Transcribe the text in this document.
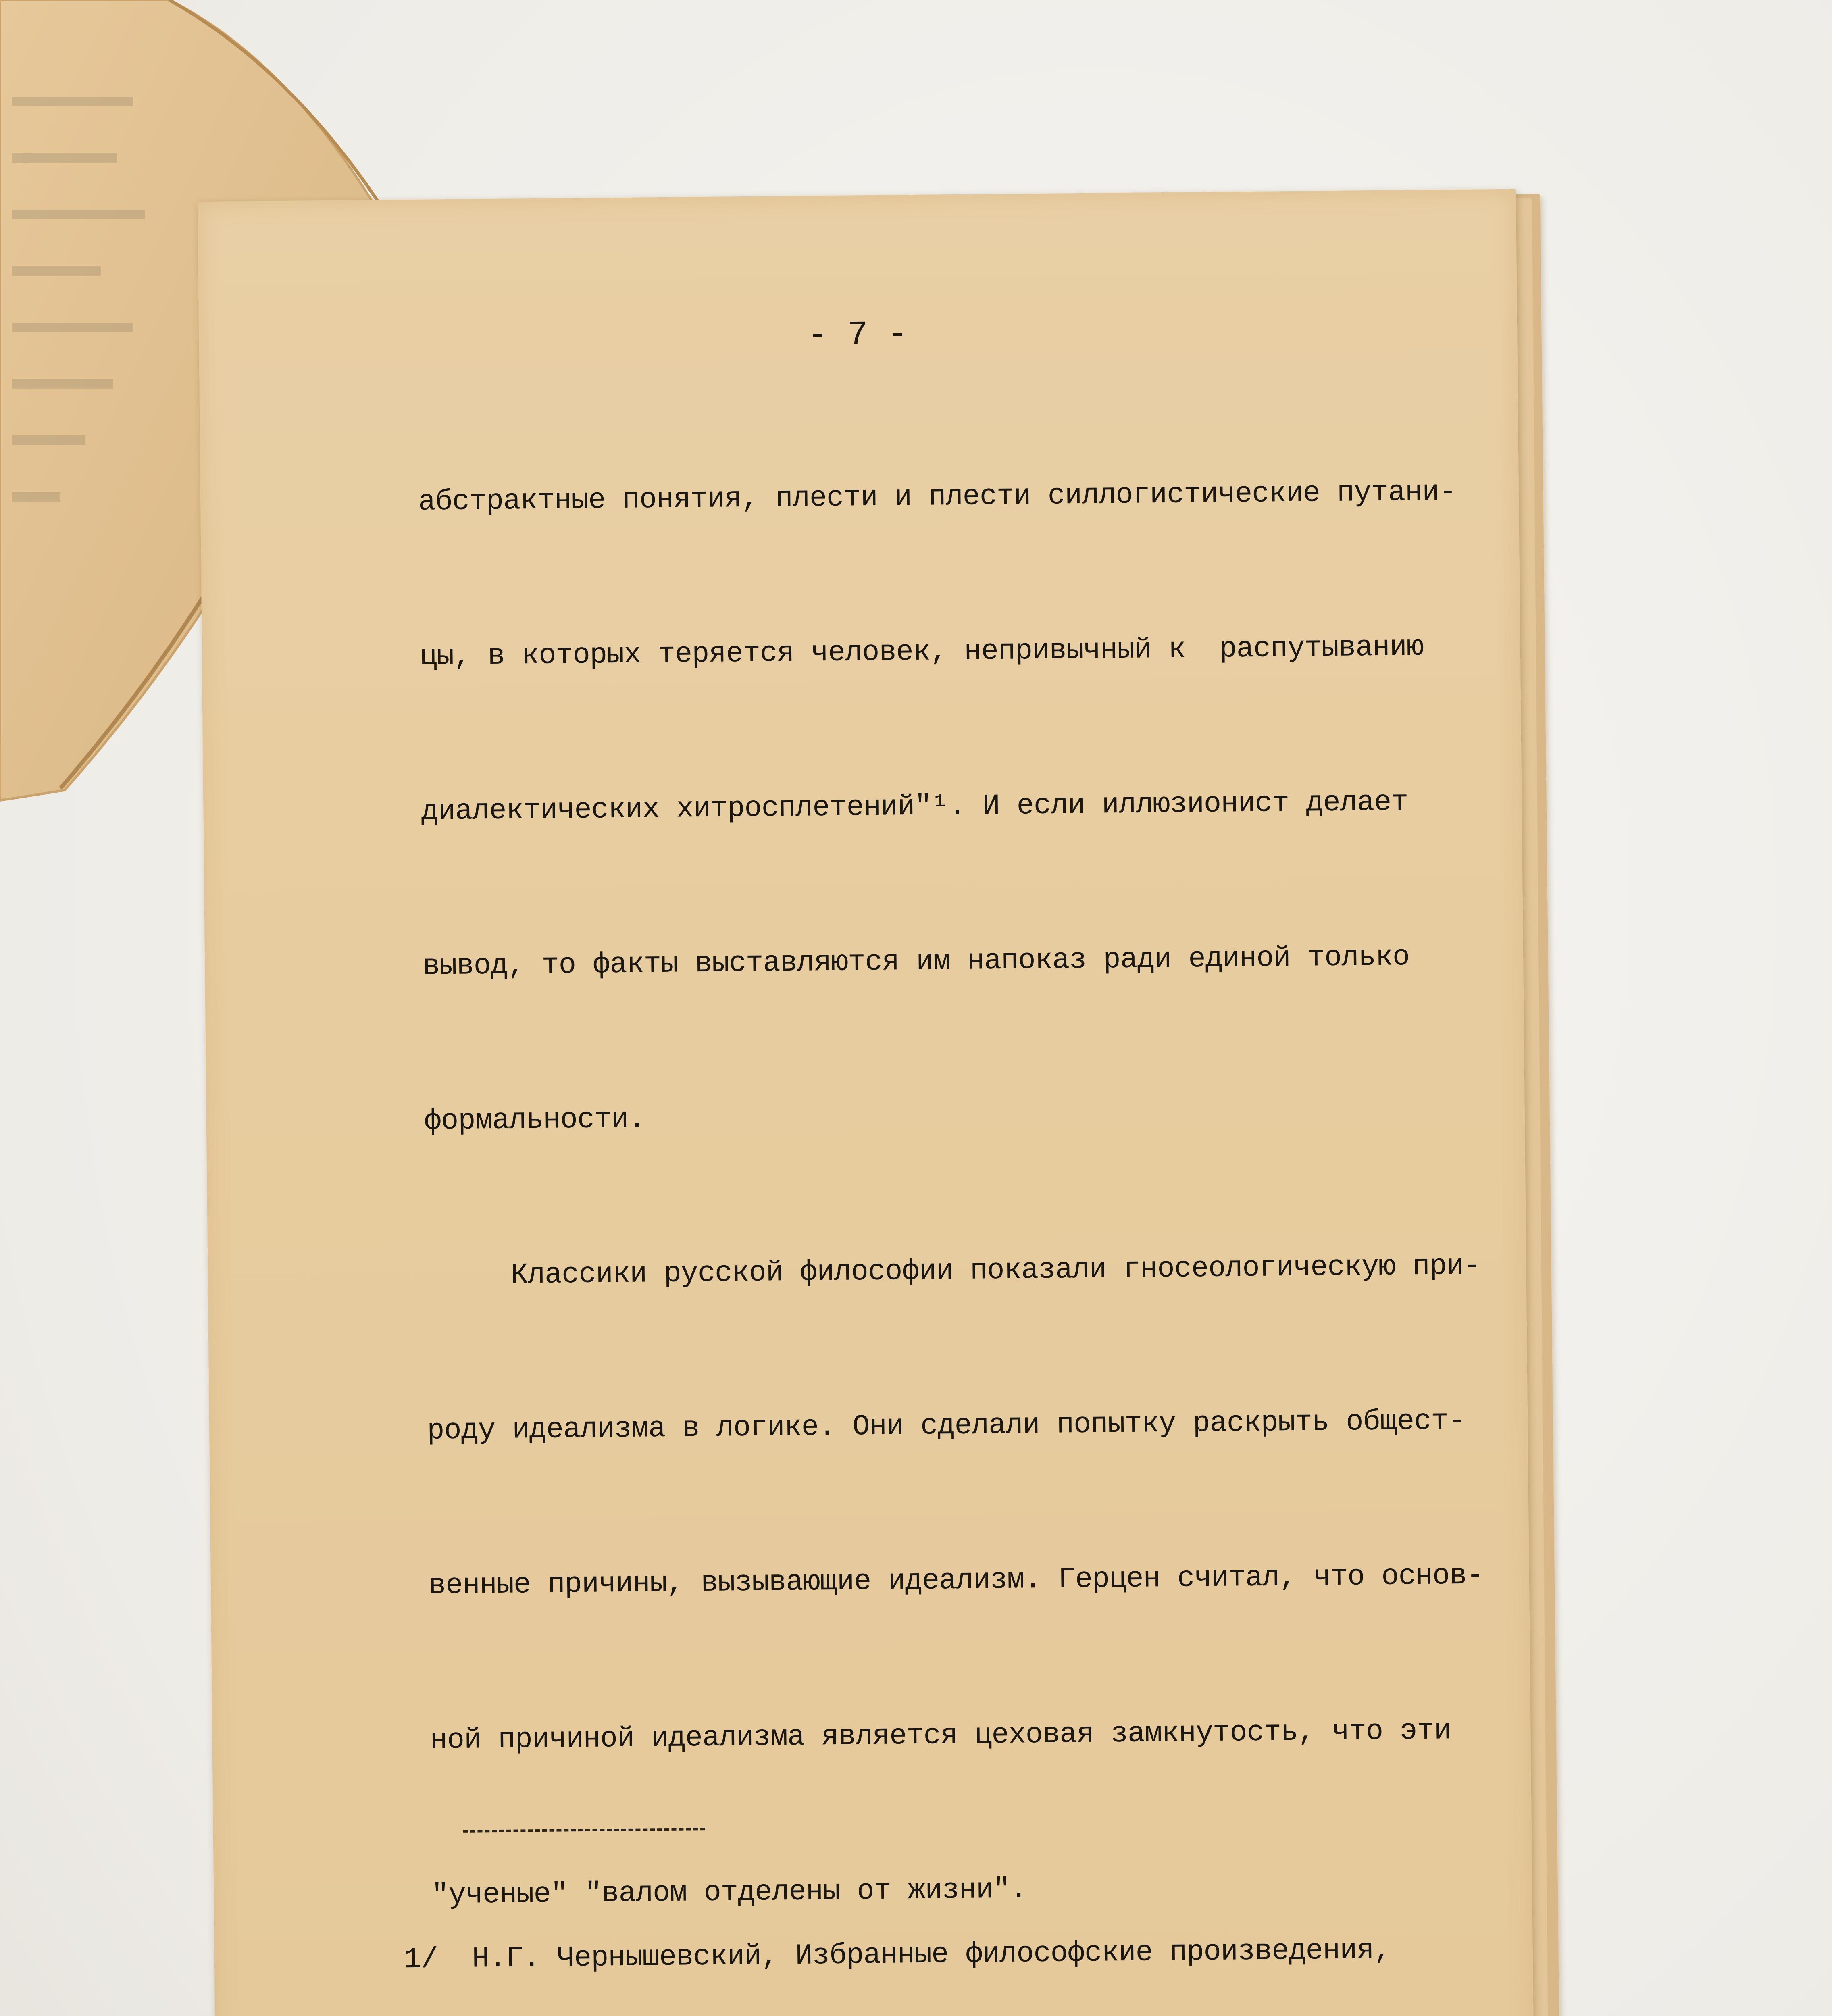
- 7 -

абстрактные понятия, плести и плести силлогистические путани-

цы, в которых теряется человек, непривычный к  распутыванию

диалектических хитросплетений"¹. И если иллюзионист делает

вывод, то факты выставляются им напоказ ради единой только

формальности.

Классики русской философии показали гносеологическую при-

роду идеализма в логике. Они сделали попытку раскрыть общест-

венные причины, вызывающие идеализм. Герцен считал, что основ-

ной причиной идеализма является цеховая замкнутость, что эти

"ученые" "валом отделены от жизни".

1/  Н.Г. Чернышевский, Избранные философские произведения,
